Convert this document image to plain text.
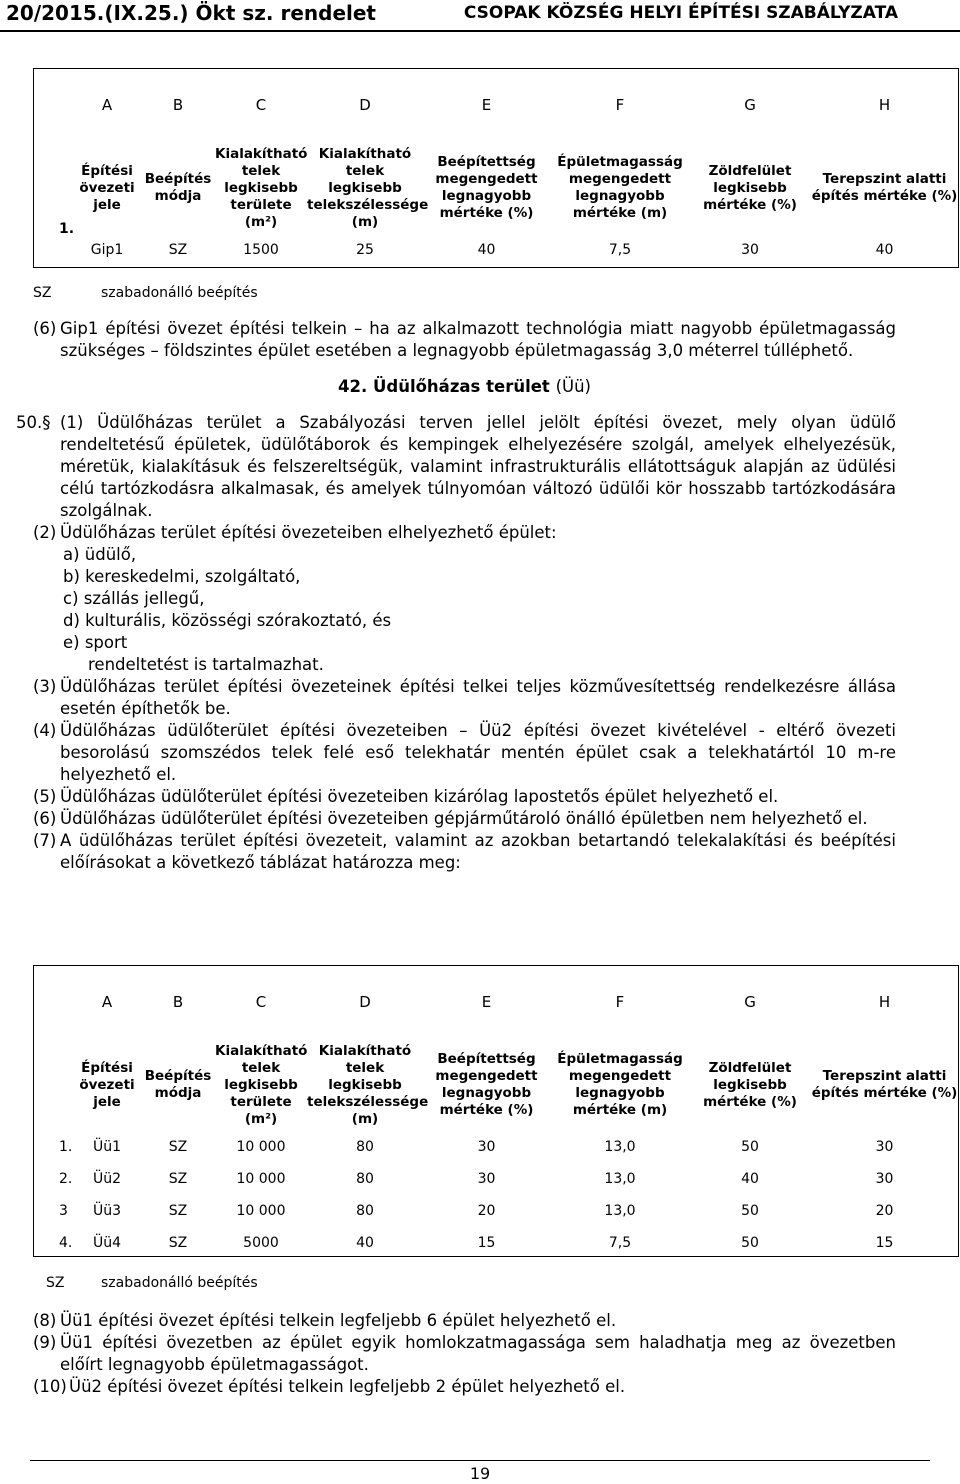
20/2015.(IX.25.) Ökt sz. rendelet	CSOPAK KÖZSÉG HELYI ÉPÍTÉSI SZABÁLYZATA
	A	B	C	D	E	F	G	H
1.	Építési övezeti jele	Beépítés módja	Kialakítható telek legkisebb területe (m²)	Kialakítható telek legkisebb telekszélessége (m)	Beépítettség megengedett legnagyobb mértéke (%)	Épületmagasság megengedett legnagyobb mértéke (m)	Zöldfelület legkisebb mértéke (%)	Terepszint alatti építés mértéke (%)
	Gip1	SZ	1500	25	40	7,5	30	40
SZ	szabadonálló beépítés
(6) Gip1 építési övezet építési telkein – ha az alkalmazott technológia miatt nagyobb épületmagasság szükséges – földszintes épület esetében a legnagyobb épületmagasság 3,0 méterrel túlléphető.
42. Üdülőházas terület (Üü)
50.§ (1) Üdülőházas terület a Szabályozási terven jellel jelölt építési övezet, mely olyan üdülő rendeltetésű épületek, üdülőtáborok és kempingek elhelyezésére szolgál, amelyek elhelyezésük, méretük, kialakításuk és felszereltségük, valamint infrastrukturális ellátottságuk alapján az üdülési célú tartózkodásra alkalmasak, és amelyek túlnyomóan változó üdülői kör hosszabb tartózkodására szolgálnak.
(2) Üdülőházas terület építési övezeteiben elhelyezhető épület:
a) üdülő,
b) kereskedelmi, szolgáltató,
c) szállás jellegű,
d) kulturális, közösségi szórakoztató, és
e) sport
rendeltetést is tartalmazhat.
(3) Üdülőházas terület építési övezeteinek építési telkei teljes közművesítettség rendelkezésre állása esetén építhetők be.
(4) Üdülőházas üdülőterület építési övezeteiben – Üü2 építési övezet kivételével - eltérő övezeti besorolású szomszédos telek felé eső telekhatár mentén épület csak a telekhatártól 10 m-re helyezhető el.
(5) Üdülőházas üdülőterület építési övezeteiben kizárólag lapostetős épület helyezhető el.
(6) Üdülőházas üdülőterület építési övezeteiben gépjárműtároló önálló épületben nem helyezhető el.
(7) A üdülőházas terület építési övezeteit, valamint az azokban betartandó telekalakítási és beépítési előírásokat a következő táblázat határozza meg:
	A	B	C	D	E	F	G	H
	Építési övezeti jele	Beépítés módja	Kialakítható telek legkisebb területe (m²)	Kialakítható telek legkisebb telekszélessége (m)	Beépítettség megengedett legnagyobb mértéke (%)	Épületmagasság megengedett legnagyobb mértéke (m)	Zöldfelület legkisebb mértéke (%)	Terepszint alatti építés mértéke (%)
1.	Üü1	SZ	10 000	80	30	13,0	50	30
2.	Üü2	SZ	10 000	80	30	13,0	40	30
3	Üü3	SZ	10 000	80	20	13,0	50	20
4.	Üü4	SZ	5000	40	15	7,5	50	15
SZ	szabadonálló beépítés
(8) Üü1 építési övezet építési telkein legfeljebb 6 épület helyezhető el.
(9) Üü1 építési övezetben az épület egyik homlokzatmagassága sem haladhatja meg az övezetben előírt legnagyobb épületmagasságot.
(10) Üü2 építési övezet építési telkein legfeljebb 2 épület helyezhető el.
19
